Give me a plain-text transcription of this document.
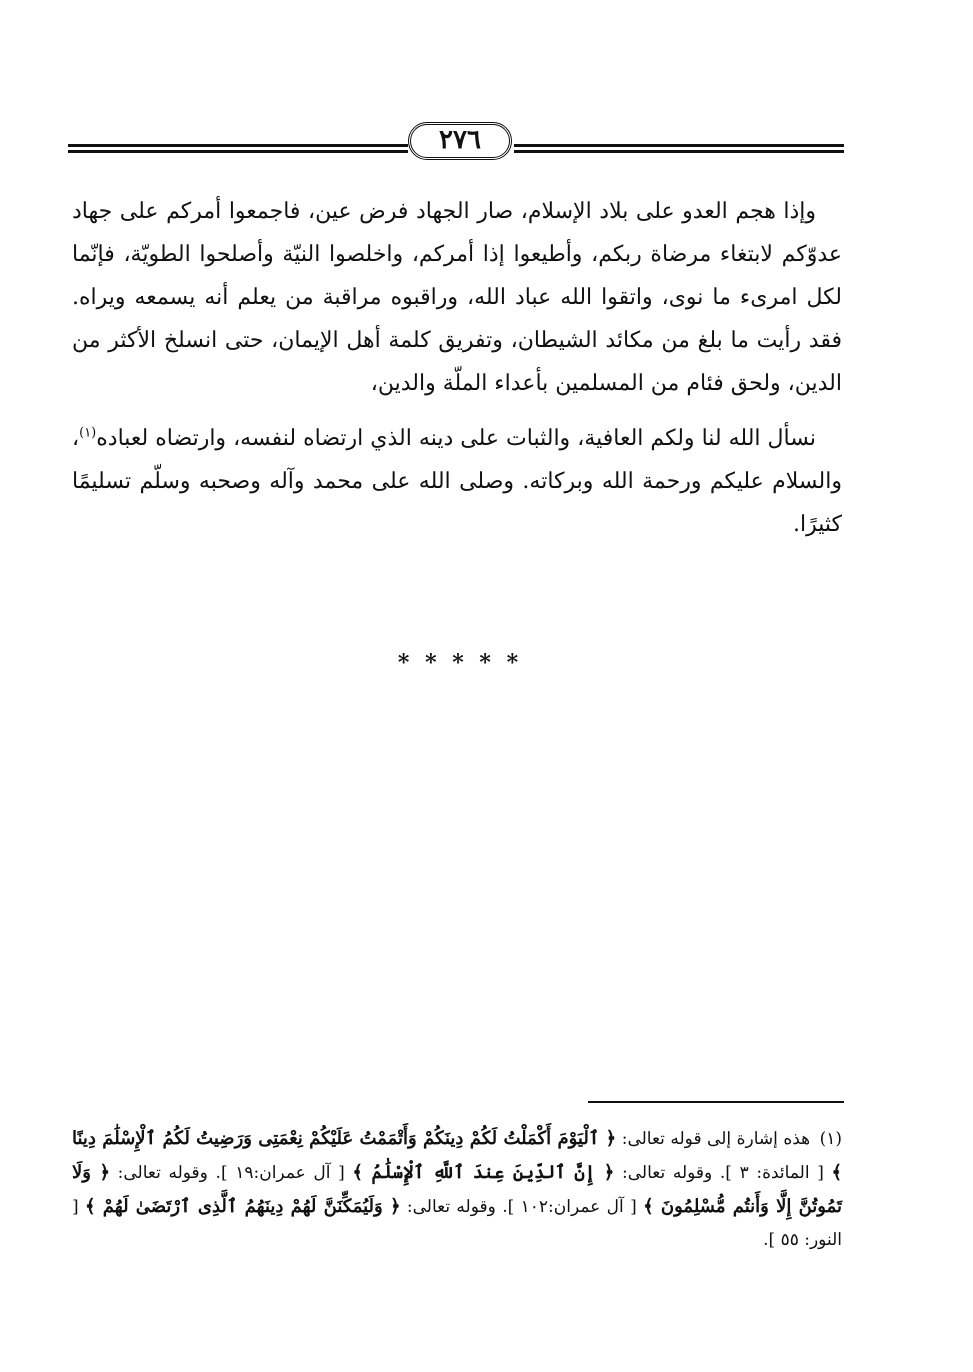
٢٧٦

وإذا هجم العدو على بلاد الإسلام، صار الجهاد فرض عين، فاجمعوا أمركم على جهاد عدوّكم لابتغاء مرضاة ربكم، وأطيعوا إذا أمركم، واخلصوا النيّة وأصلحوا الطويّة، فإنّما لكل امرىء ما نوى، واتقوا الله عباد الله، وراقبوه مراقبة من يعلم أنه يسمعه ويراه. فقد رأيت ما بلغ من مكائد الشيطان، وتفريق كلمة أهل الإيمان، حتى انسلخ الأكثر من الدين، ولحق فئام من المسلمين بأعداء الملّة والدين،

نسأل الله لنا ولكم العافية، والثبات على دينه الذي ارتضاه لنفسه، وارتضاه لعباده$^{(١)}$، والسلام عليكم ورحمة الله وبركاته. وصلى الله على محمد وآله وصحبه وسلّم تسليمًا كثيرًا.

* * * * *
(١) هذه إشارة إلى قوله تعالى: ﴿ ٱلْيَوْمَ أَكْمَلْتُ لَكُمْ دِينَكُمْ وَأَتْمَمْتُ عَلَيْكُمْ نِعْمَتِى وَرَضِيتُ لَكُمُ ٱلْإِسْلَٰمَ دِينًا ﴾ [ المائدة: ٣ ]. وقوله تعالى: ﴿ إِنَّ ٱلدِّينَ عِندَ ٱللَّهِ ٱلْإِسْلَٰمُ ﴾ [ آل عمران:١٩ ]. وقوله تعالى: ﴿ وَلَا تَمُوتُنَّ إِلَّا وَأَنتُم مُّسْلِمُونَ ﴾ [ آل عمران:١٠٢ ]. وقوله تعالى: ﴿ وَلَيُمَكِّنَنَّ لَهُمْ دِينَهُمُ ٱلَّذِى ٱرْتَضَىٰ لَهُمْ ﴾ [ النور: ٥٥ ].
